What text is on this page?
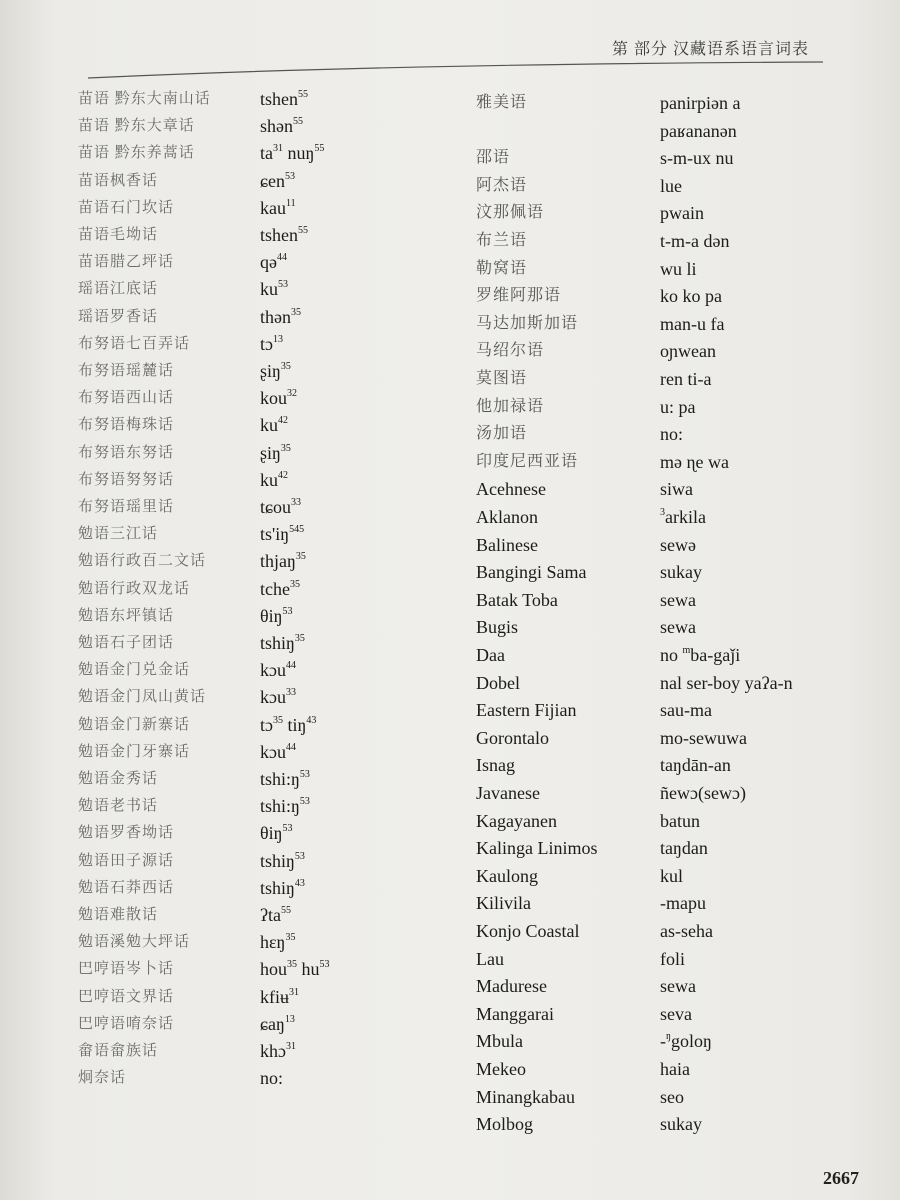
第 部分 汉藏语系语言词表
苗语 黔东大南山话
苗语 黔东大章话
苗语 黔东养蒿话
苗语枫香话
苗语石门坎话
苗语毛坳话
苗语腊乙坪话
瑶语江底话
瑶语罗香话
布努语七百弄话
布努语瑶麓话
布努语西山话
布努语梅珠话
布努语东努话
布努语努努话
布努语瑶里话
勉语三江话
勉语行政百二文话
勉语行政双龙话
勉语东坪镇话
勉语石子团话
勉语金门兑金话
勉语金门凤山黄话
勉语金门新寨话
勉语金门牙寨话
勉语金秀话
勉语老书话
勉语罗香坳话
勉语田子源话
勉语石莽西话
勉语难散话
勉语溪勉大坪话
巴哼语岑卜话
巴哼语文界话
巴哼语唷奈话
畲语畲族话
炯奈话
tshen$^{55}$
shən$^{55}$
$ta^{31}$ nuŋ$^{55}$
ɕen$^{53}$
kau$^{11}$
tshen$^{55}$
qə$^{44}$
$ku^{53}$
thən$^{35}$
tɔ$^{13}$
ʂiŋ$^{35}$
kou$^{32}$
$ku^{42}$
ʂiŋ$^{35}$
$ku^{42}$
tɕou$^{33}$
$ts'iŋ^{545}$
thjaŋ$^{35}$
tche$^{35}$
θiŋ$^{53}$
tshiŋ$^{35}$
kɔu$^{44}$
kɔu$^{33}$
tɔ$^{35}$ tiŋ$^{43}$
kɔu$^{44}$
$tshi:ŋ^{53}$
$tshi:ŋ^{53}$
θiŋ$^{53}$
tshiŋ$^{53}$
tshiŋ$^{43}$
ʔta$^{55}$
hɛŋ$^{35}$
hou$^{35}$ $hu^{53}$
kfiʉ$^{31}$
ɕaŋ$^{13}$
khɔ$^{31}$
no:
雅美语
邵语
阿杰语
汶那佩语
布兰语
勒窝语
罗维阿那语
马达加斯加语
马绍尔语
莫图语
他加禄语
汤加语
印度尼西亚语
Acehnese
Aklanon
Balinese
Bangingi Sama
Batak Toba
Bugis
Daa
Dobel
Eastern Fijian
Gorontalo
Isnag
Javanese
Kagayanen
Kalinga Linimos
Kaulong
Kilivila
Konjo Coastal
Lau
Madurese
Manggarai
Mbula
Mekeo
Minangkabau
Molbog
panirpiən a
paʁananən
s-m-ux nu
lue
pwain
t-m-a dən
wu li
ko ko pa
man-u fa
oɲwean
ren ti-a
u: pa
no:
mə ɳe wa
siwa
$^3$arkila
sewə
sukay
sewa
sewa
no $^m$ba-gaǰi
nal ser-boy yaʔa-n
sau-ma
mo-sewuwa
taŋdān-an
ñewɔ(sewɔ)
batun
taŋdan
kul
-mapu
as-seha
foli
sewa
seva
-$^ŋ$goloŋ
haia
seo
sukay
2667
